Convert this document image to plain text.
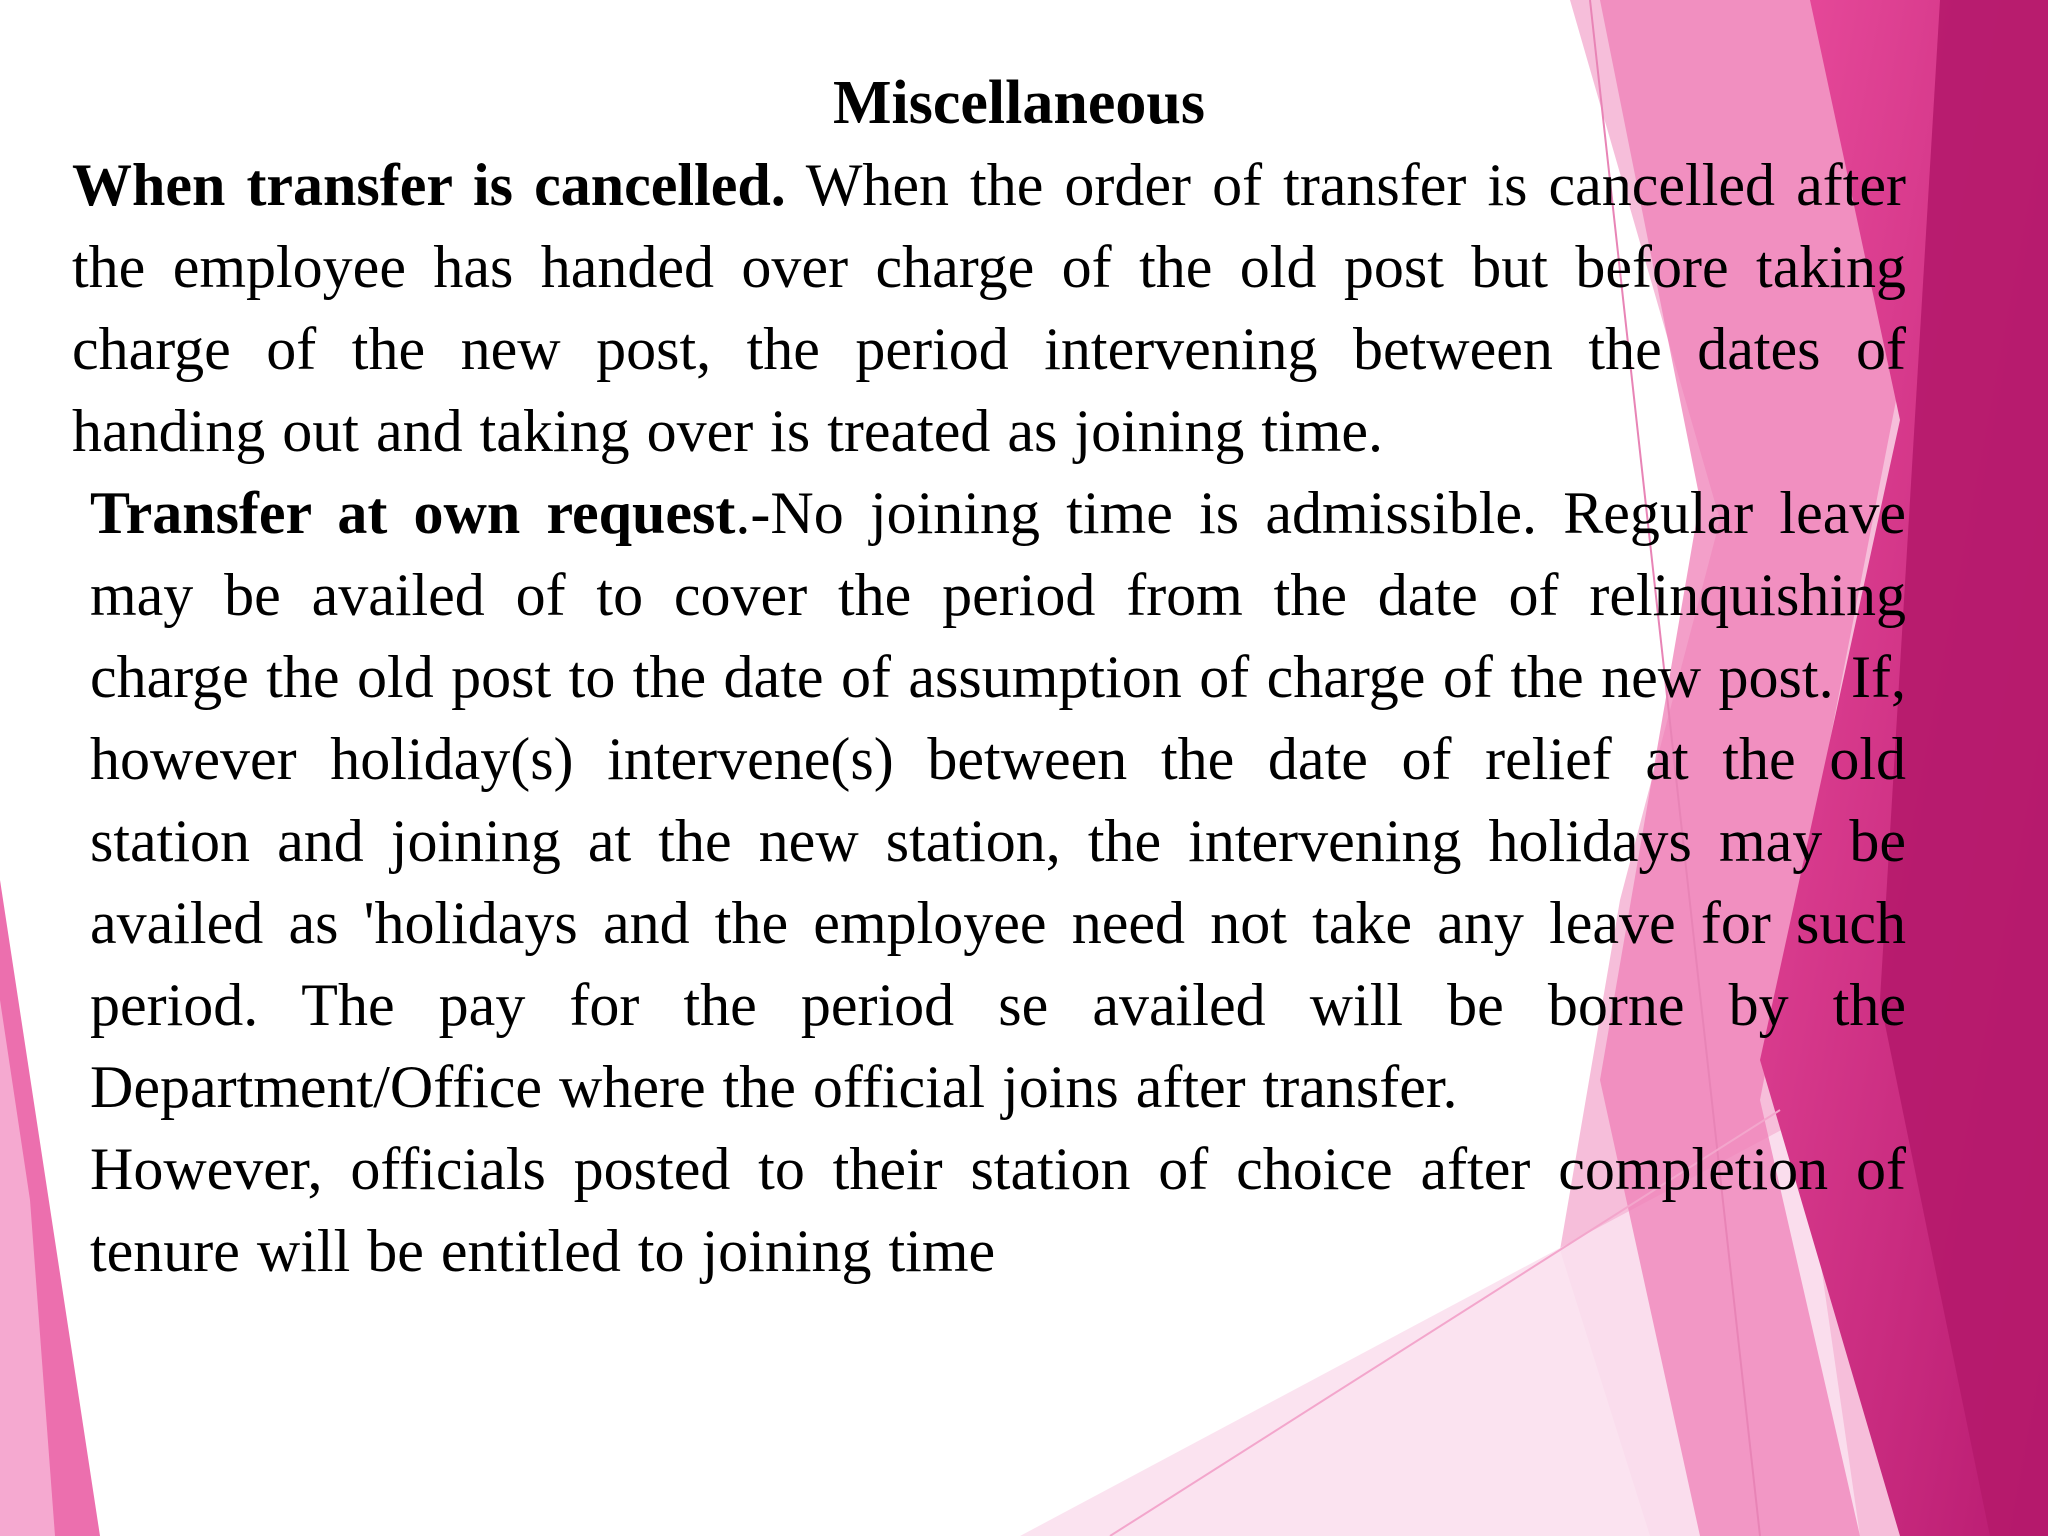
Miscellaneous

When transfer is cancelled. When the order of transfer is cancelled after the employee has handed over charge of the old post but before taking charge of the new post, the period intervening between the dates of handing out and taking over is treated as joining time.

Transfer at own request.-No joining time is admissible. Regular leave may be availed of to cover the period from the date of relinquishing charge the old post to the date of assumption of charge of the new post. If, however holiday(s) intervene(s) between the date of relief at the old station and joining at the new station, the intervening holidays may be availed as 'holidays and the employee need not take any leave for such period. The pay for the period se availed will be borne by the Department/Office where the official joins after transfer.

However, officials posted to their station of choice after completion of tenure will be entitled to joining time
